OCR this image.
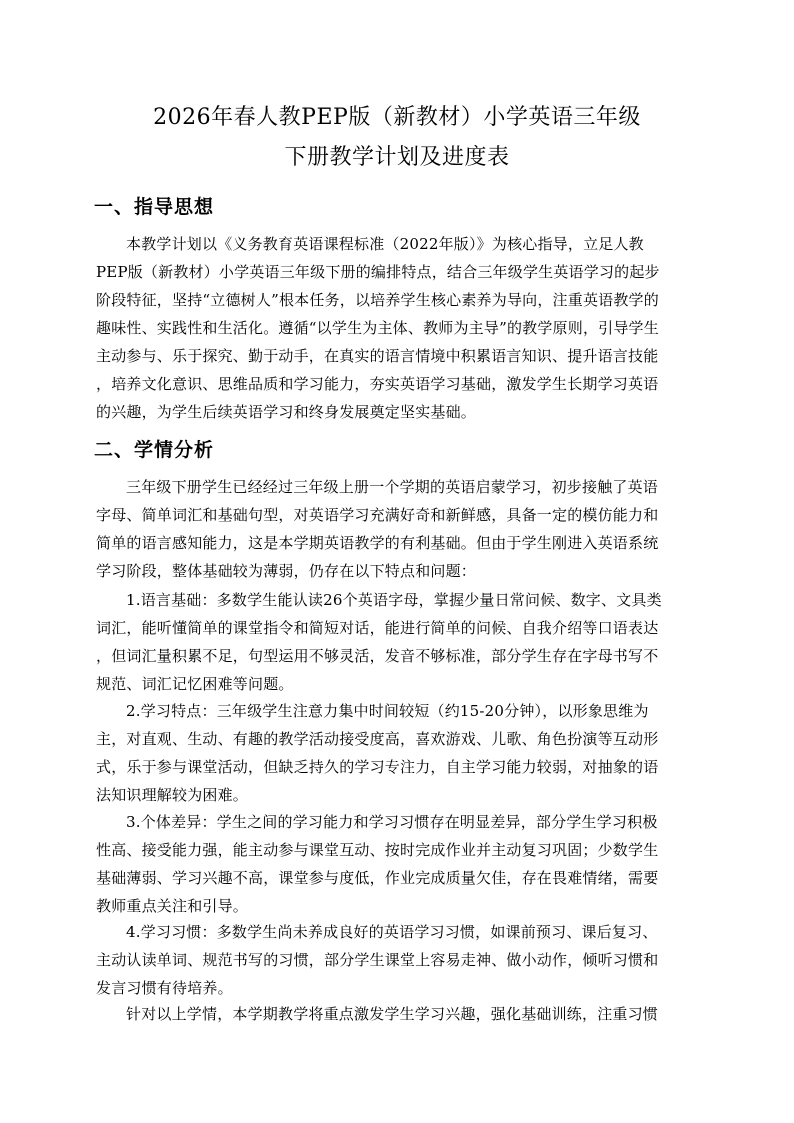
2026年春人教PEP版（新教材）小学英语三年级
下册教学计划及进度表
一、指导思想
本教学计划以《义务教育英语课程标准（2022年版）》为核心指导，立足人教
PEP版（新教材）小学英语三年级下册的编排特点，结合三年级学生英语学习的起步
阶段特征，坚持“立德树人”根本任务，以培养学生核心素养为导向，注重英语教学的
趣味性、实践性和生活化。遵循“以学生为主体、教师为主导”的教学原则，引导学生
主动参与、乐于探究、勤于动手，在真实的语言情境中积累语言知识、提升语言技能
，培养文化意识、思维品质和学习能力，夯实英语学习基础，激发学生长期学习英语
的兴趣，为学生后续英语学习和终身发展奠定坚实基础。
二、学情分析
三年级下册学生已经经过三年级上册一个学期的英语启蒙学习，初步接触了英语
字母、简单词汇和基础句型，对英语学习充满好奇和新鲜感，具备一定的模仿能力和
简单的语言感知能力，这是本学期英语教学的有利基础。但由于学生刚进入英语系统
学习阶段，整体基础较为薄弱，仍存在以下特点和问题：
1.语言基础：多数学生能认读26个英语字母，掌握少量日常问候、数字、文具类
词汇，能听懂简单的课堂指令和简短对话，能进行简单的问候、自我介绍等口语表达
，但词汇量积累不足，句型运用不够灵活，发音不够标准，部分学生存在字母书写不
规范、词汇记忆困难等问题。
2.学习特点：三年级学生注意力集中时间较短（约15-20分钟），以形象思维为
主，对直观、生动、有趣的教学活动接受度高，喜欢游戏、儿歌、角色扮演等互动形
式，乐于参与课堂活动，但缺乏持久的学习专注力，自主学习能力较弱，对抽象的语
法知识理解较为困难。
3.个体差异：学生之间的学习能力和学习习惯存在明显差异，部分学生学习积极
性高、接受能力强，能主动参与课堂互动、按时完成作业并主动复习巩固；少数学生
基础薄弱、学习兴趣不高，课堂参与度低，作业完成质量欠佳，存在畏难情绪，需要
教师重点关注和引导。
4.学习习惯：多数学生尚未养成良好的英语学习习惯，如课前预习、课后复习、
主动认读单词、规范书写的习惯，部分学生课堂上容易走神、做小动作，倾听习惯和
发言习惯有待培养。
针对以上学情，本学期教学将重点激发学生学习兴趣，强化基础训练，注重习惯
